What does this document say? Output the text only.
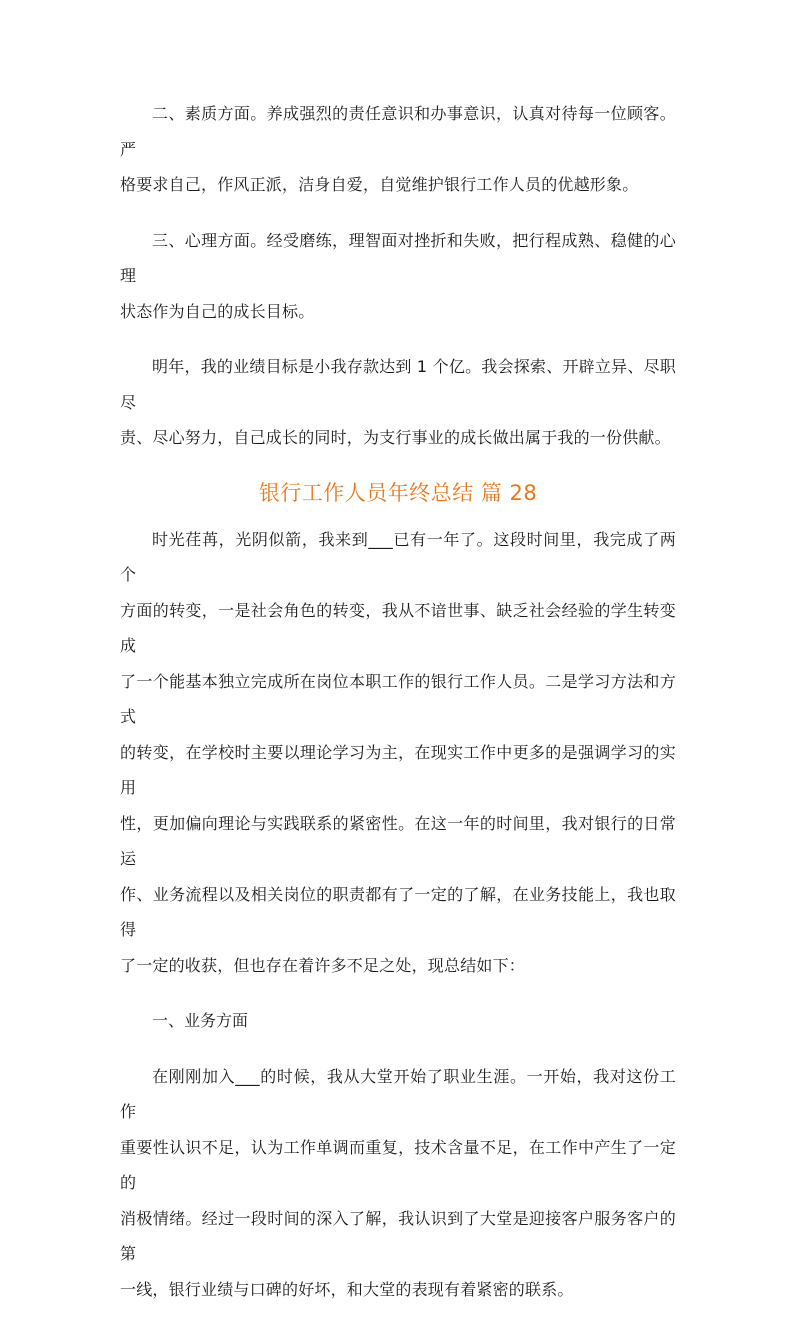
二、素质方面。养成强烈的责任意识和办事意识，认真对待每一位顾客。严
格要求自己，作风正派，洁身自爱，自觉维护银行工作人员的优越形象。
三、心理方面。经受磨练，理智面对挫折和失败，把行程成熟、稳健的心理
状态作为自己的成长目标。
明年，我的业绩目标是小我存款达到 1 个亿。我会探索、开辟立异、尽职尽
责、尽心努力，自己成长的同时，为支行事业的成长做出属于我的一份供献。
银行工作人员年终总结 篇 28
时光荏苒，光阴似箭，我来到___已有一年了。这段时间里，我完成了两个
方面的转变，一是社会角色的转变，我从不谙世事、缺乏社会经验的学生转变成
了一个能基本独立完成所在岗位本职工作的银行工作人员。二是学习方法和方式
的转变，在学校时主要以理论学习为主，在现实工作中更多的是强调学习的实用
性，更加偏向理论与实践联系的紧密性。在这一年的时间里，我对银行的日常运
作、业务流程以及相关岗位的职责都有了一定的了解，在业务技能上，我也取得
了一定的收获，但也存在着许多不足之处，现总结如下：
一、业务方面
在刚刚加入___的时候，我从大堂开始了职业生涯。一开始，我对这份工作
重要性认识不足，认为工作单调而重复，技术含量不足，在工作中产生了一定的
消极情绪。经过一段时间的深入了解，我认识到了大堂是迎接客户服务客户的第
一线，银行业绩与口碑的好坏，和大堂的表现有着紧密的联系。
